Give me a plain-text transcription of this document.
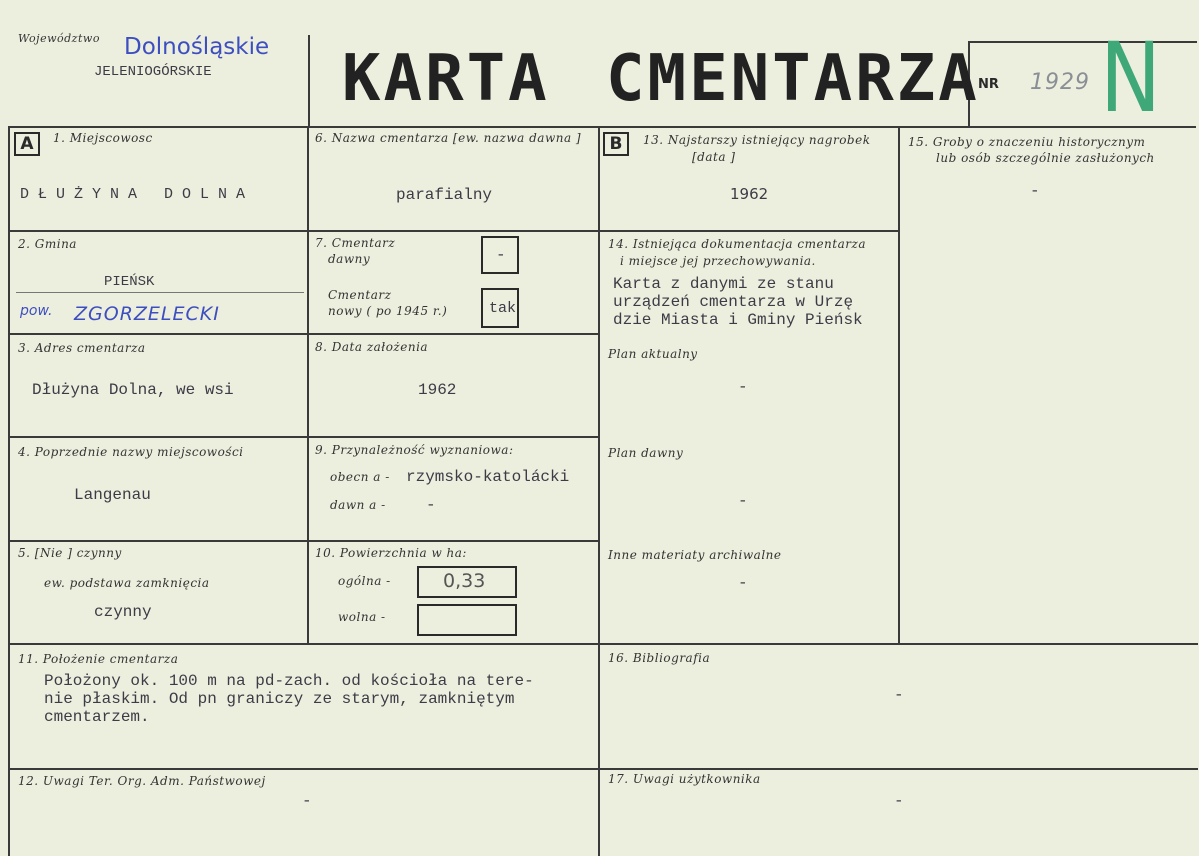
Województwo Dolnośląskie
JELENIOGÓRSKIE KARTA CMENTARZA
NR 1929 N
A	1. Miejscowosc
D Ł U Ż Y N A   D O L N A
2. Gmina
PIEŃSK
pow. ZGORZELECKI
3. Adres cmentarza
Dłużyna Dolna, we wsi
4. Poprzednie nazwy miejscowości
Langenau
5. [Nie ] czynny
ew. podstawa zamknięcia
czynny
6. Nazwa cmentarza [ew. nazwa dawna ]
parafialny
7. Cmentarz
dawny	-
Cmentarz
nowy ( po 1945 r.)	tak
8. Data założenia
1962
9. Przynależność wyznaniowa:
obecn a - rzymsko-katolácki
dawn a -	-
10. Powierzchnia w ha:
ogólna -	0,33
wolna -
B	13. Najstarszy istniejący nagrobek
[data ]
1962
14. Istniejąca dokumentacja cmentarza
i miejsce jej przechowywania.
Karta z danymi ze stanu
urządzeń cmentarza w Urzę
dzie Miasta i Gminy Pieńsk
Plan aktualny
-
Plan dawny
-
Inne materiaty archiwalne
-
15. Groby o znaczeniu historycznym
lub osób szczególnie zasłużonych
-
11. Położenie cmentarza
Położony ok. 100 m na pd-zach. od kościoła na tere-
nie płaskim. Od pn graniczy ze starym, zamkniętym
cmentarzem.
16. Bibliografia
-
12. Uwagi Ter. Org. Adm. Państwowej
-
17. Uwagi użytkownika
-
